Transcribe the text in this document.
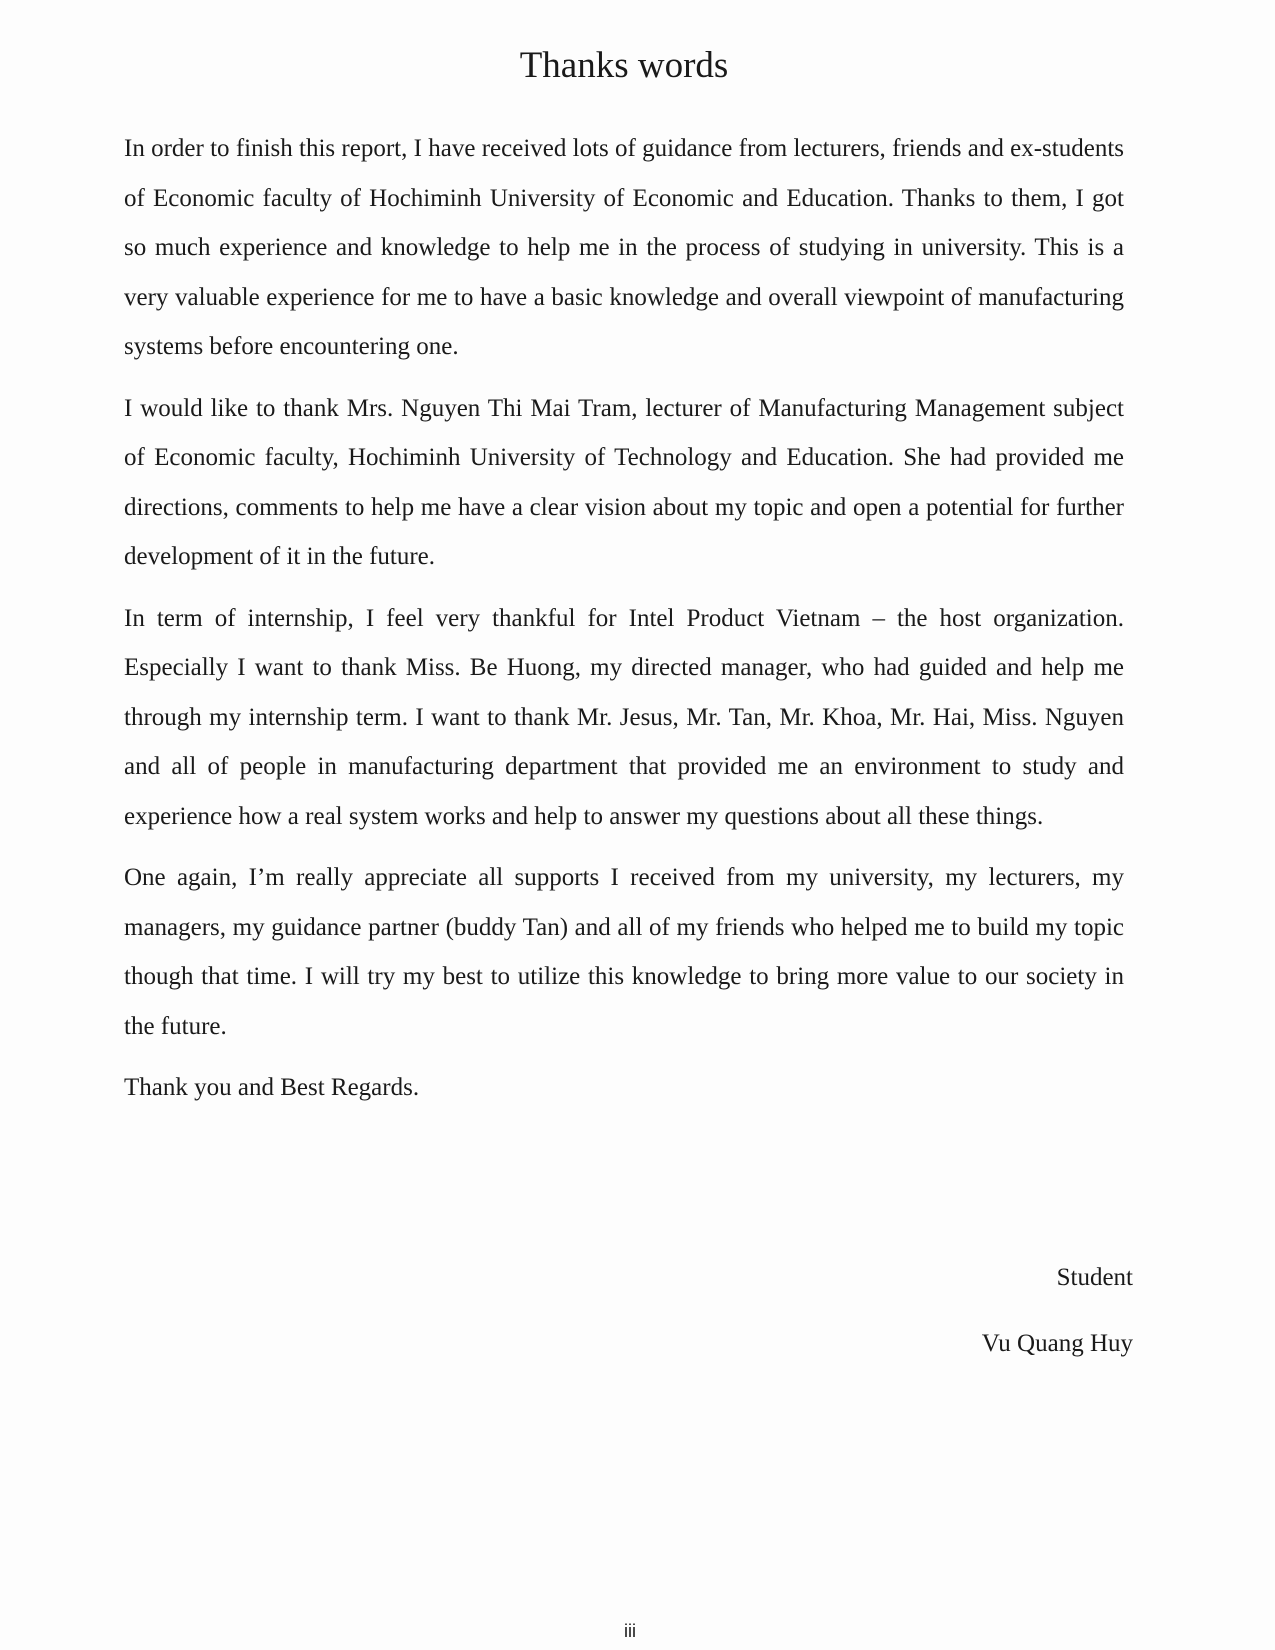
Thanks words

In order to finish this report, I have received lots of guidance from lecturers, friends and ex-students of Economic faculty of Hochiminh University of Economic and Education. Thanks to them, I got so much experience and knowledge to help me in the process of studying in university. This is a very valuable experience for me to have a basic knowledge and overall viewpoint of manufacturing systems before encountering one.

I would like to thank Mrs. Nguyen Thi Mai Tram, lecturer of Manufacturing Management subject of Economic faculty, Hochiminh University of Technology and Education. She had provided me directions, comments to help me have a clear vision about my topic and open a potential for further development of it in the future.

In term of internship, I feel very thankful for Intel Product Vietnam – the host organization. Especially I want to thank Miss. Be Huong, my directed manager, who had guided and help me through my internship term. I want to thank Mr. Jesus, Mr. Tan, Mr. Khoa, Mr. Hai, Miss. Nguyen and all of people in manufacturing department that provided me an environment to study and experience how a real system works and help to answer my questions about all these things.

One again, I’m really appreciate all supports I received from my university, my lecturers, my managers, my guidance partner (buddy Tan) and all of my friends who helped me to build my topic though that time. I will try my best to utilize this knowledge to bring more value to our society in the future.

Thank you and Best Regards.

Student
Vu Quang Huy
iii
